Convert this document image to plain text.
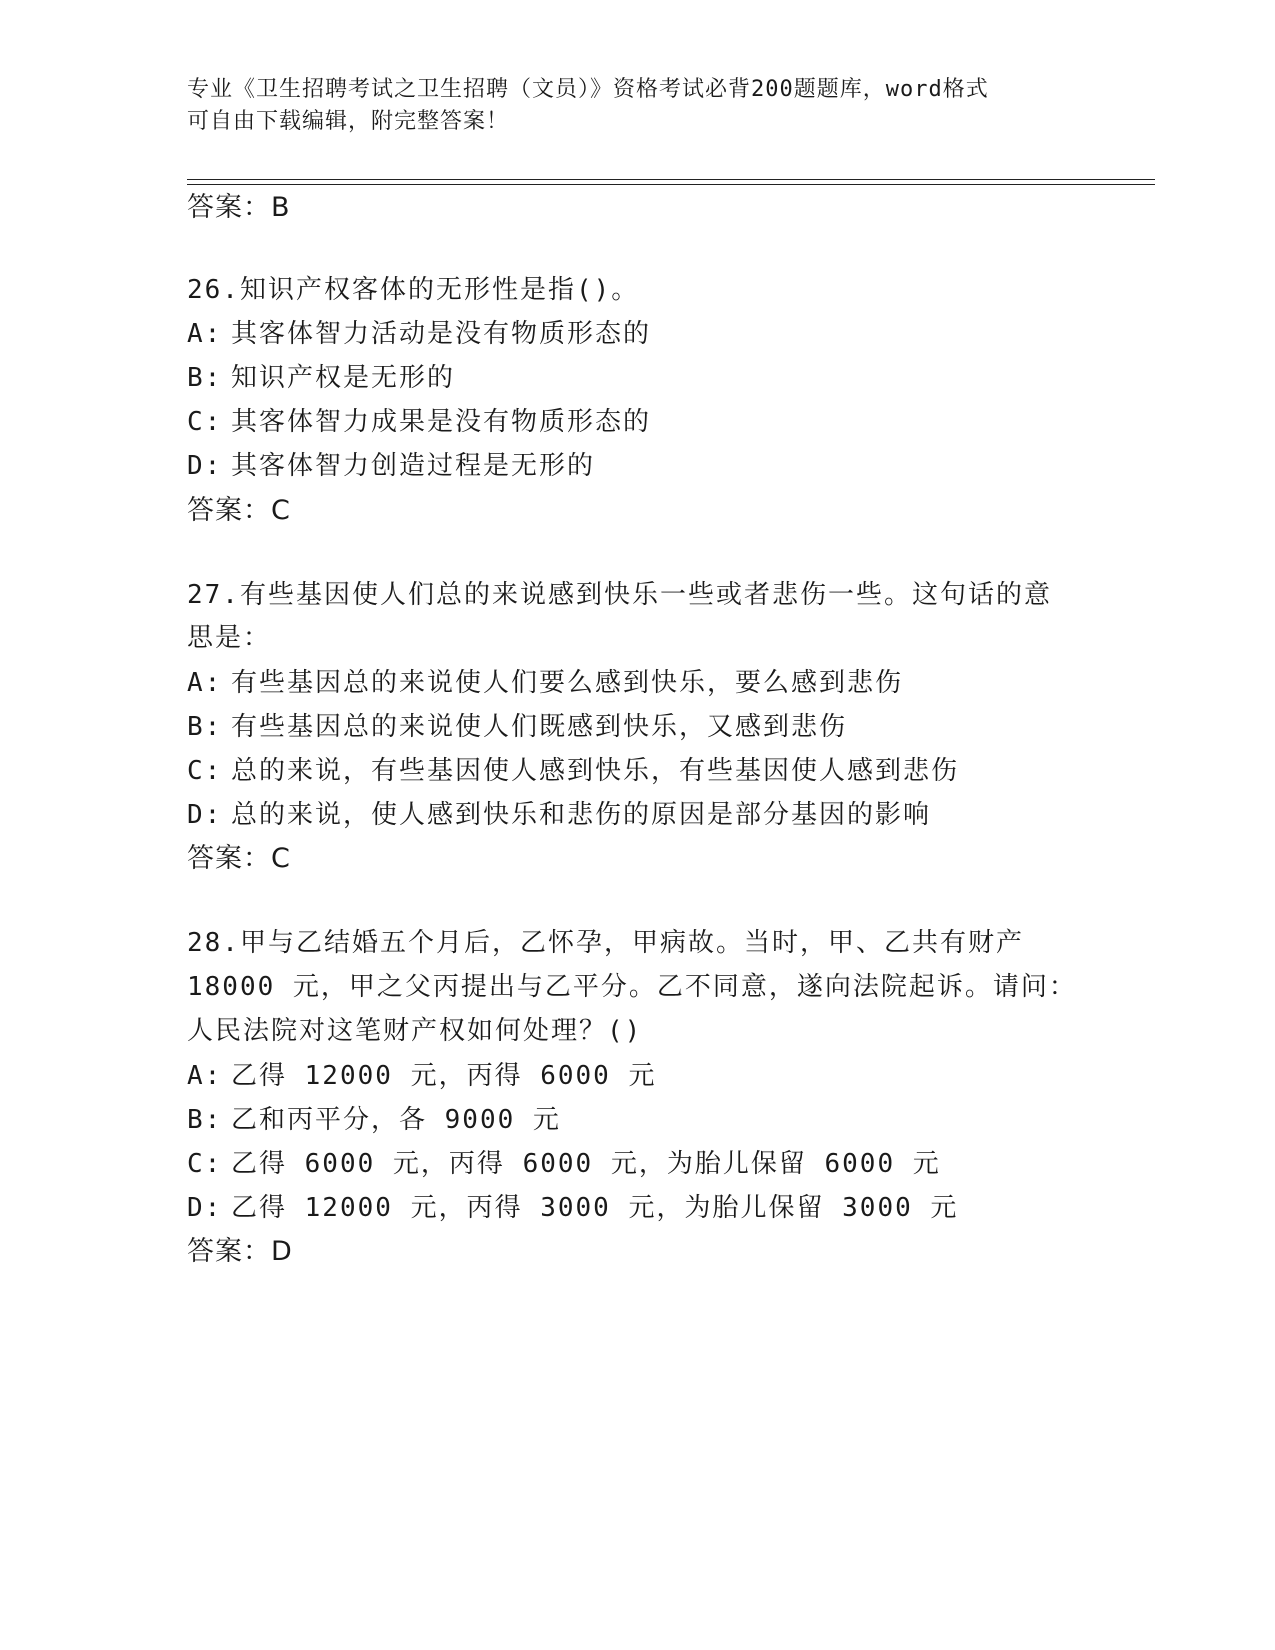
专业《卫生招聘考试之卫生招聘（文员）》资格考试必背200题题库，word格式
可自由下载编辑，附完整答案！
答案：B
26.知识产权客体的无形性是指()。
A: 其客体智力活动是没有物质形态的
B: 知识产权是无形的
C: 其客体智力成果是没有物质形态的
D: 其客体智力创造过程是无形的
答案：C
27.有些基因使人们总的来说感到快乐一些或者悲伤一些。这句话的意
思是：
A: 有些基因总的来说使人们要么感到快乐，要么感到悲伤
B: 有些基因总的来说使人们既感到快乐，又感到悲伤
C: 总的来说，有些基因使人感到快乐，有些基因使人感到悲伤
D: 总的来说，使人感到快乐和悲伤的原因是部分基因的影响
答案：C
28.甲与乙结婚五个月后，乙怀孕，甲病故。当时，甲、乙共有财产
18000 元，甲之父丙提出与乙平分。乙不同意，遂向法院起诉。请问：
人民法院对这笔财产权如何处理？()
A: 乙得 12000 元，丙得 6000 元
B: 乙和丙平分，各 9000 元
C: 乙得 6000 元，丙得 6000 元，为胎儿保留 6000 元
D: 乙得 12000 元，丙得 3000 元，为胎儿保留 3000 元
答案：D
